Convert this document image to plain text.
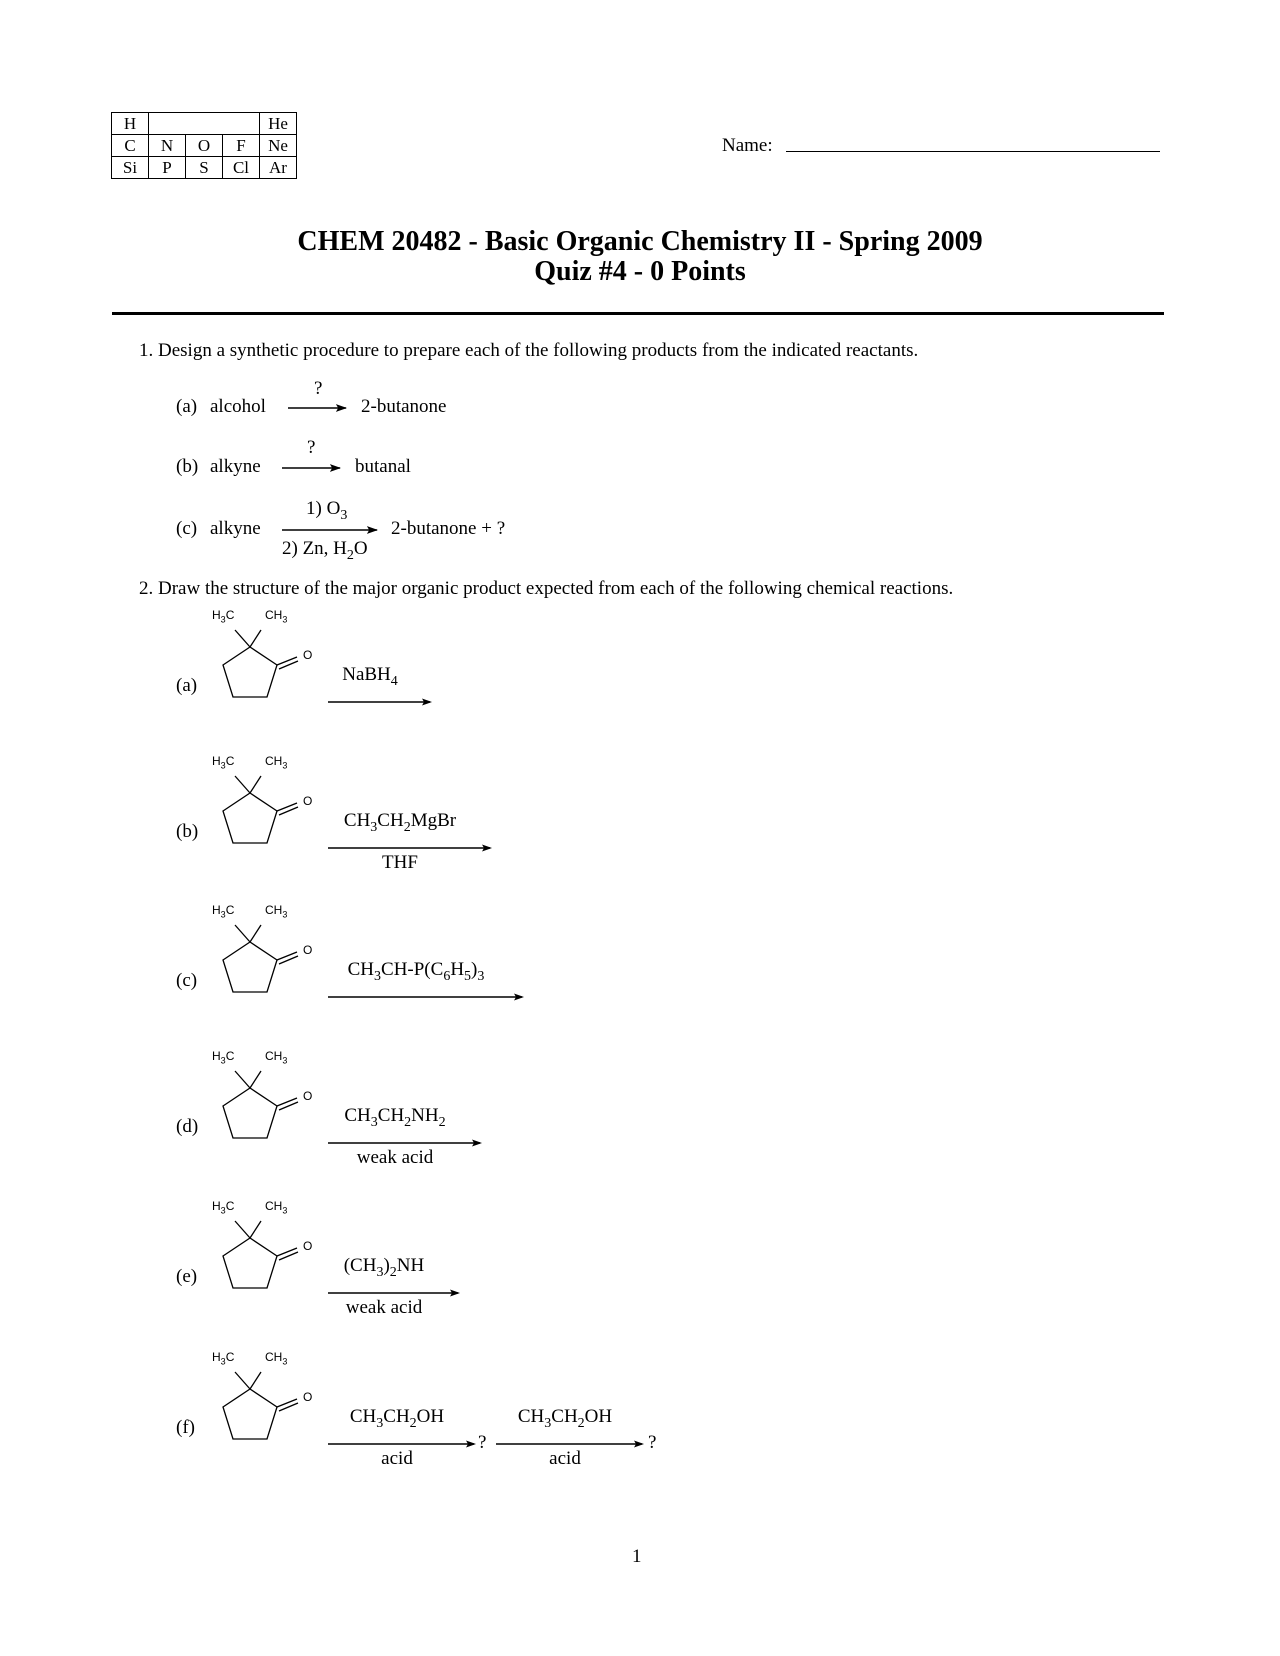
H				He
C	N	O	F	Ne
Si	P	S	Cl	Ar
Name:
CHEM 20482 - Basic Organic Chemistry II - Spring 2009
Quiz #4 - 0 Points
1. Design a synthetic procedure to prepare each of the following products from the indicated reactants.
(a) alcohol
?
2-butanone
(b) alkyne
?
butanal
(c) alkyne
1) $O_3$
2) Zn, $H_2O$
2-butanone + ?
2. Draw the structure of the major organic product expected from each of the following chemical reactions.
$H_3C$	$CH_3$
O
(a)
NaBH$_4$
$H_3C$	$CH_3$
O
(b)
$CH_3CH_2MgBr$
THF
$H_3C$	$CH_3$
O
(c)
$CH_3CH-P(C_6H_5)_3$
$H_3C$	$CH_3$
O
(d)
$CH_3CH_2NH_2$
weak acid
$H_3C$	$CH_3$
O
(e)
$(CH_3)_2NH$
weak acid
$H_3C$	$CH_3$
O
(f)
$CH_3CH_2OH$
acid
?
$CH_3CH_2OH$
acid
?
1
